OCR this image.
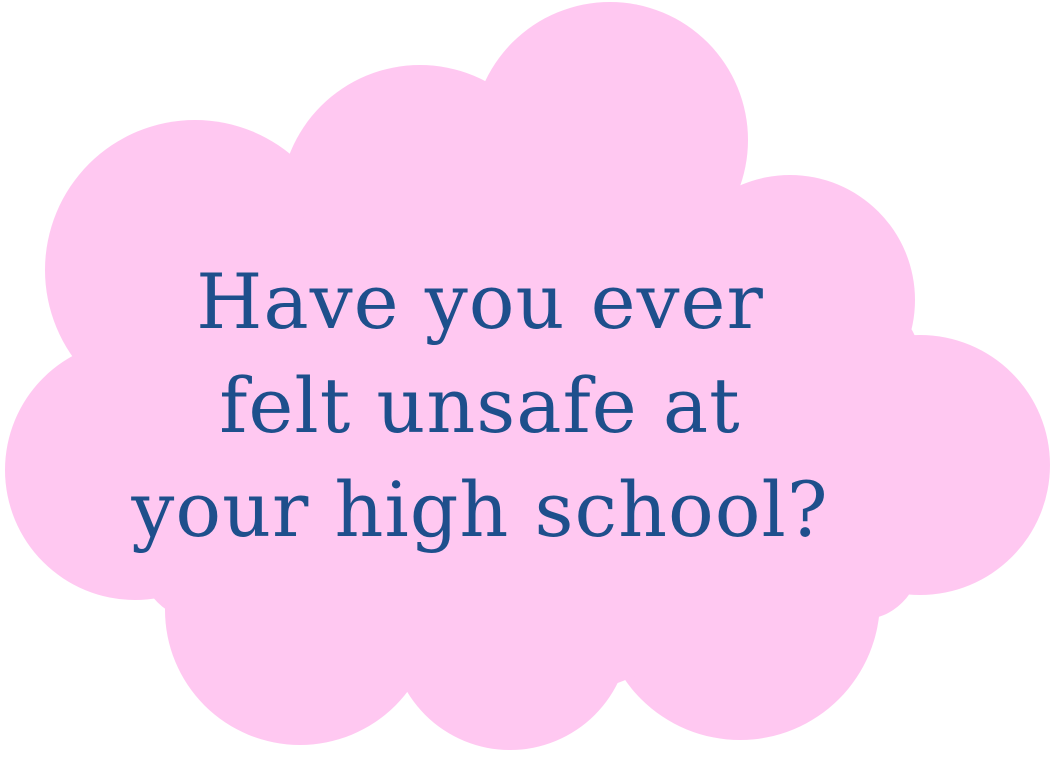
Have you ever
felt unsafe at
your high school?
